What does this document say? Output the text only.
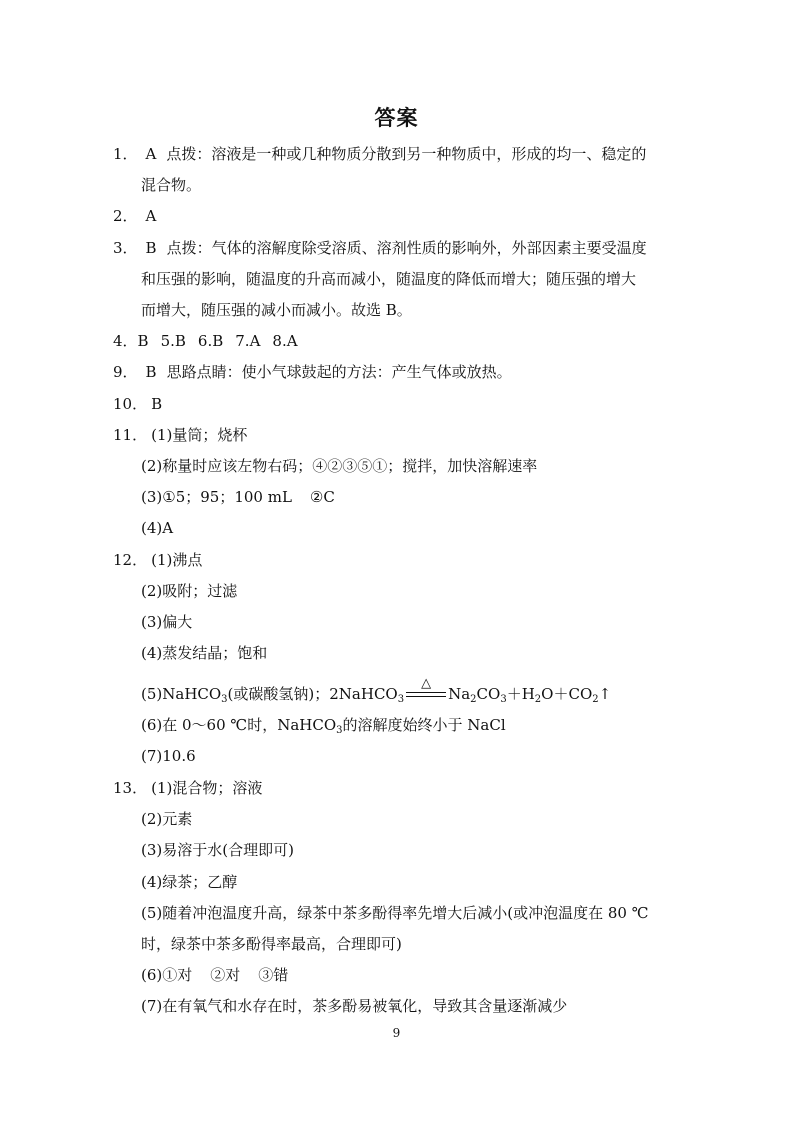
答案
1． A 点拨：溶液是一种或几种物质分散到另一种物质中，形成的均一、稳定的
混合物。
2． A
3． B 点拨：气体的溶解度除受溶质、溶剂性质的影响外，外部因素主要受温度
和压强的影响，随温度的升高而减小，随温度的降低而增大；随压强的增大
而增大，随压强的减小而减小。故选 B。
4．B 5.B 6.B 7.A 8.A
9． B 思路点睛：使小气球鼓起的方法：产生气体或放热。
10． B
11． (1)量筒；烧杯
(2)称量时应该左物右码；④②③⑤①；搅拌，加快溶解速率
(3)①5；95；100 mL ②C
(4)A
12． (1)沸点
(2)吸附；过滤
(3)偏大
(4)蒸发结晶；饱和
(5)NaHCO$_3$(或碳酸氢钠)；2NaHCO$_3$
△
$Na_2CO_3+H_2O+CO_2↑$
(6)在 0～60 ℃时，NaHCO$_3$的溶解度始终小于 NaCl
(7)10.6
13． (1)混合物；溶液
(2)元素
(3)易溶于水(合理即可)
(4)绿茶；乙醇
(5)随着冲泡温度升高，绿茶中茶多酚得率先增大后减小(或冲泡温度在 80 ℃
时，绿茶中茶多酚得率最高，合理即可)
(6)①对 ②对 ③错
(7)在有氧气和水存在时，茶多酚易被氧化，导致其含量逐渐减少
9
